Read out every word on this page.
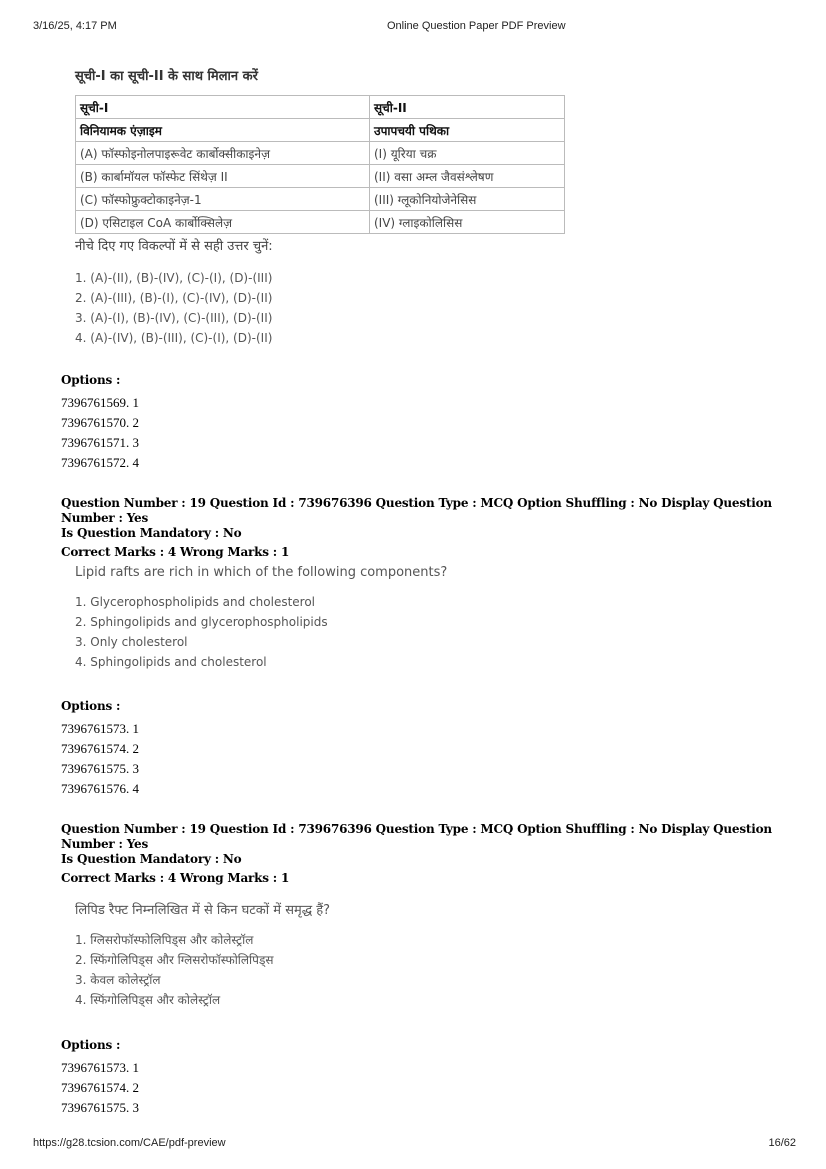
3/16/25, 4:17 PM	Online Question Paper PDF Preview
सूची-I का सूची-II के साथ मिलान करें
सूची-I	सूची-II
विनियामक एंज़ाइम	उपापचयी पथिका
(A) फॉस्फोइनोलपाइरूवेट कार्बोक्सीकाइनेज़	(I) यूरिया चक्र
(B) कार्बामॉयल फॉस्फेट सिंथेज़ II	(II) वसा अम्ल जैवसंश्लेषण
(C) फॉस्फोफ्रुक्टोकाइनेज़-1	(III) ग्लूकोनियोजेनेसिस
(D) एसिटाइल CoA कार्बोक्सिलेज़	(IV) ग्लाइकोलिसिस
नीचे दिए गए विकल्पों में से सही उत्तर चुनें:
1. (A)-(II), (B)-(IV), (C)-(I), (D)-(III)
2. (A)-(III), (B)-(I), (C)-(IV), (D)-(II)
3. (A)-(I), (B)-(IV), (C)-(III), (D)-(II)
4. (A)-(IV), (B)-(III), (C)-(I), (D)-(II)
Options :
7396761569. 1
7396761570. 2
7396761571. 3
7396761572. 4
Question Number : 19 Question Id : 739676396 Question Type : MCQ Option Shuffling : No Display Question Number : Yes
Is Question Mandatory : No
Correct Marks : 4 Wrong Marks : 1
Lipid rafts are rich in which of the following components?
1. Glycerophospholipids and cholesterol
2. Sphingolipids and glycerophospholipids
3. Only cholesterol
4. Sphingolipids and cholesterol
Options :
7396761573. 1
7396761574. 2
7396761575. 3
7396761576. 4
Question Number : 19 Question Id : 739676396 Question Type : MCQ Option Shuffling : No Display Question Number : Yes
Is Question Mandatory : No
Correct Marks : 4 Wrong Marks : 1
लिपिड रैफ्ट निम्नलिखित में से किन घटकों में समृद्ध हैं?
1. ग्लिसरोफॉस्फोलिपिड्स और कोलेस्ट्रॉल
2. स्फिंगोलिपिड्स और ग्लिसरोफॉस्फोलिपिड्स
3. केवल कोलेस्ट्रॉल
4. स्फिंगोलिपिड्स और कोलेस्ट्रॉल
Options :
7396761573. 1
7396761574. 2
7396761575. 3
https://g28.tcsion.com/CAE/pdf-preview	16/62
